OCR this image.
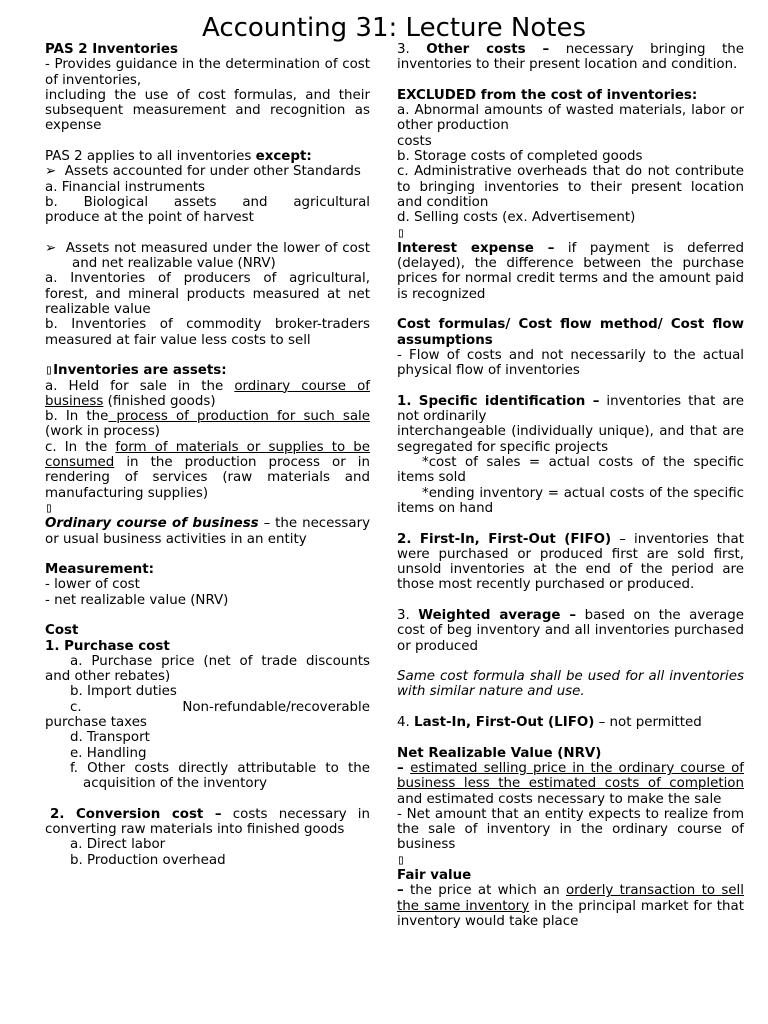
Accounting 31: Lecture Notes
PAS 2 Inventories
- Provides guidance in the determination of cost of inventories,
including the use of cost formulas, and their subsequent measurement and recognition as expense
PAS 2 applies to all inventories except:
➢ Assets accounted for under other Standards
a. Financial instruments
b. Biological assets and agricultural
produce at the point of harvest
➢ Assets not measured under the lower of cost and net realizable value (NRV)
a. Inventories of producers of agricultural, forest, and mineral products measured at net realizable value
b. Inventories of commodity broker-traders measured at fair value less costs to sell
▯Inventories are assets:
a. Held for sale in the ordinary course of business (finished goods)
b. In the process of production for such sale (work in process)
c. In the form of materials or supplies to be consumed in the production process or in rendering of services (raw materials and manufacturing supplies)
▯
Ordinary course of business – the necessary or usual business activities in an entity
Measurement:
- lower of cost
- net realizable value (NRV)
Cost
1. Purchase cost
a. Purchase price (net of trade discounts and other rebates)
b. Import duties
c. Non-refundable/recoverable
purchase taxes
d. Transport
e. Handling
f. Other costs directly attributable to the acquisition of the inventory
2. Conversion cost – costs necessary in converting raw materials into finished goods
a. Direct labor
b. Production overhead
3. Other costs – necessary bringing the inventories to their present location and condition.
EXCLUDED from the cost of inventories:
a. Abnormal amounts of wasted materials, labor or other production
costs
b. Storage costs of completed goods
c. Administrative overheads that do not contribute to bringing inventories to their present location and condition
d. Selling costs (ex. Advertisement)
▯
Interest expense – if payment is deferred (delayed), the difference between the purchase prices for normal credit terms and the amount paid is recognized
Cost formulas/ Cost flow method/ Cost flow assumptions
- Flow of costs and not necessarily to the actual physical flow of inventories
1. Specific identification – inventories that are not ordinarily
interchangeable (individually unique), and that are segregated for specific projects
*cost of sales = actual costs of the specific items sold
*ending inventory = actual costs of the specific items on hand
2. First-In, First-Out (FIFO) – inventories that were purchased or produced first are sold first, unsold inventories at the end of the period are those most recently purchased or produced.
3. Weighted average – based on the average cost of beg inventory and all inventories purchased or produced
Same cost formula shall be used for all inventories with similar nature and use.
4. Last-In, First-Out (LIFO) – not permitted
Net Realizable Value (NRV)
– estimated selling price in the ordinary course of business less the estimated costs of completion and estimated costs necessary to make the sale
- Net amount that an entity expects to realize from the sale of inventory in the ordinary course of business
▯
Fair value
– the price at which an orderly transaction to sell the same inventory in the principal market for that inventory would take place
